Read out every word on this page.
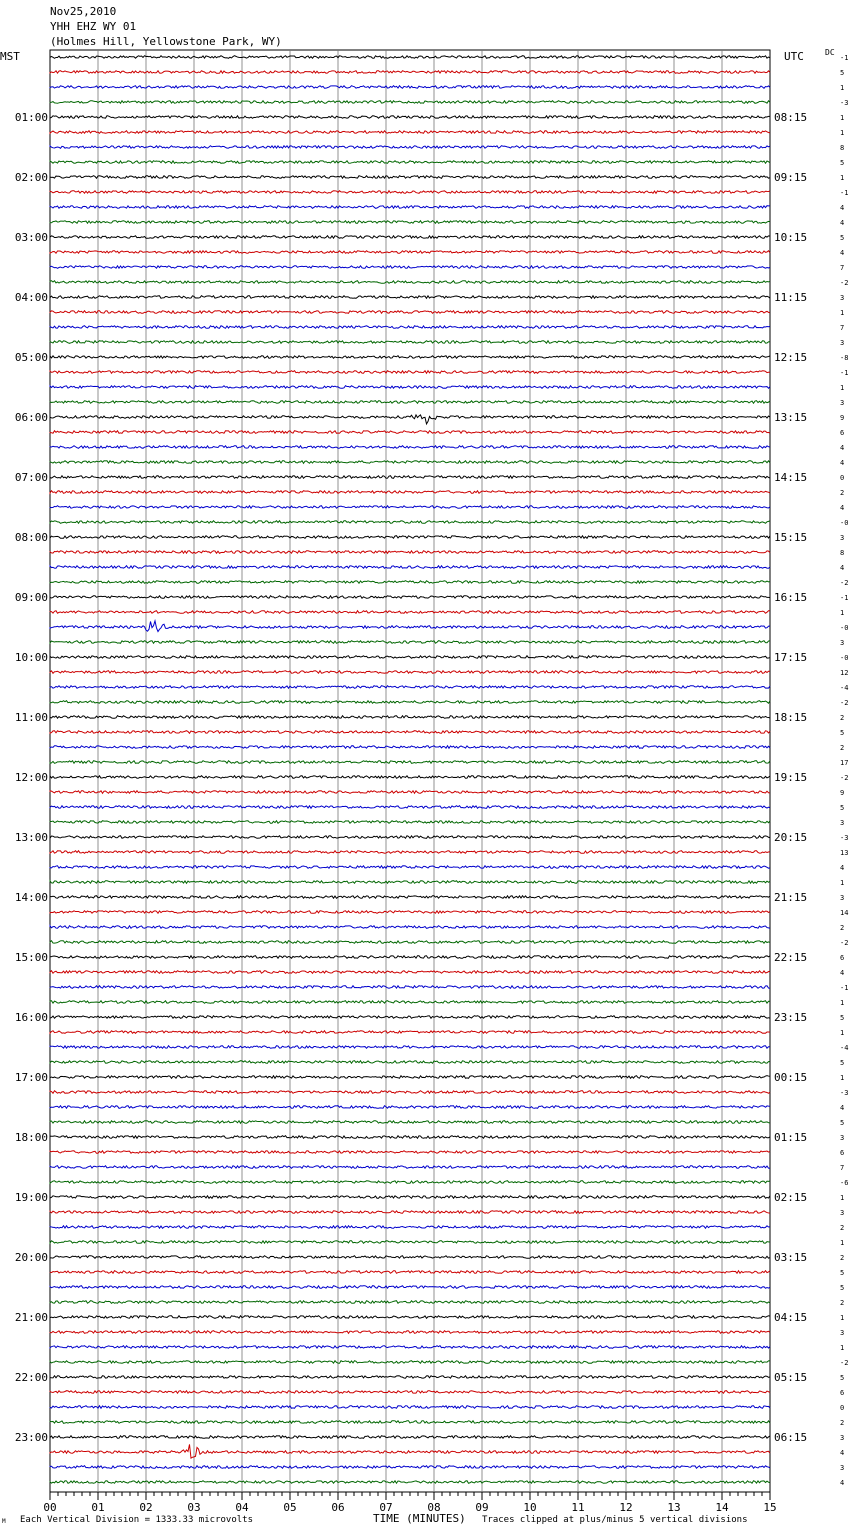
Nov25,2010
YHH EHZ WY 01
(Holmes Hill, Yellowstone Park, WY)
MST	UTC	DC
-1
5
1
-3
1
1
8
5
1
-1
4
4
5
4
7
-2
3
1
7
3
-8
-1
1
3
9
6
4
4
0
2
4
-0
3
8
4
-2
-1
1
-0
3
-0
12
-4
-2
2
5
2
17
-2
9
5
3
-3
13
4
1
3
14
2
-2
6
4
-1
1
5
1
-4
5
1
-3
4
5
3
6
7
-6
1
3
2
1
2
5
5
2
1
3
1
-2
5
6
0
2
3
4
3
4
01:00	08:15
02:00	09:15
03:00	10:15
04:00	11:15
05:00	12:15
06:00	13:15
07:00	14:15
08:00	15:15
09:00	16:15
10:00	17:15
11:00	18:15
12:00	19:15
13:00	20:15
14:00	21:15
15:00	22:15
16:00	23:15
17:00	00:15
18:00	01:15
19:00	02:15
20:00	03:15
21:00	04:15
22:00	05:15
23:00	06:15
00	01	02	03	04	05	06	07	08	09	10	11	12	13	14	15
TIME (MINUTES)
M Each Vertical Division = 1333.33 microvolts	Traces clipped at plus/minus 5 vertical divisions
